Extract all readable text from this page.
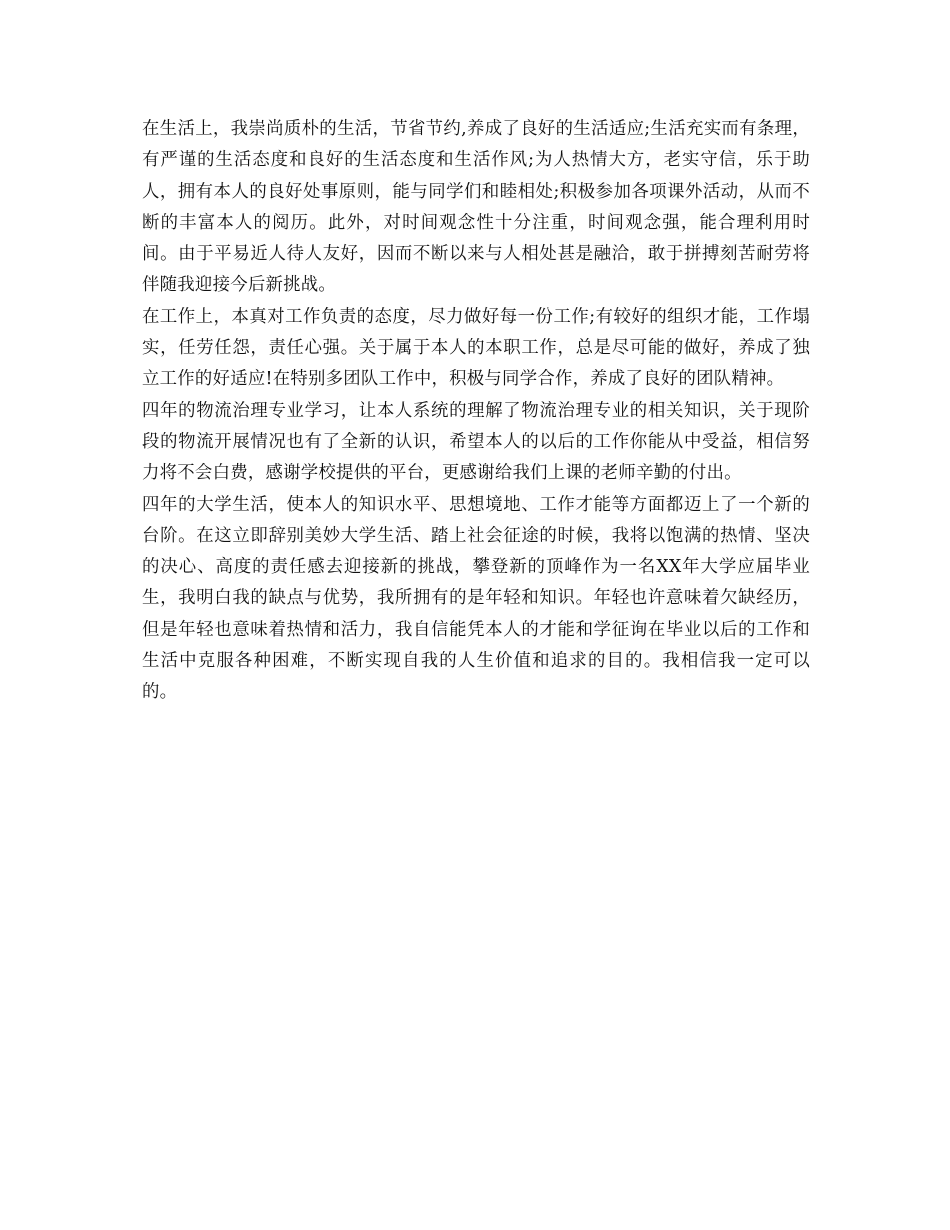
在生活上，我崇尚质朴的生活，节省节约,养成了良好的生活适应;生活充实而有条理，有严谨的生活态度和良好的生活态度和生活作风;为人热情大方，老实守信，乐于助人，拥有本人的良好处事原则，能与同学们和睦相处;积极参加各项课外活动，从而不断的丰富本人的阅历。此外，对时间观念性十分注重，时间观念强，能合理利用时间。由于平易近人待人友好，因而不断以来与人相处甚是融洽，敢于拼搏刻苦耐劳将伴随我迎接今后新挑战。

在工作上，本真对工作负责的态度，尽力做好每一份工作;有较好的组织才能，工作塌实，任劳任怨，责任心强。关于属于本人的本职工作，总是尽可能的做好，养成了独立工作的好适应!在特别多团队工作中，积极与同学合作，养成了良好的团队精神。

四年的物流治理专业学习，让本人系统的理解了物流治理专业的相关知识，关于现阶段的物流开展情况也有了全新的认识，希望本人的以后的工作你能从中受益，相信努力将不会白费，感谢学校提供的平台，更感谢给我们上课的老师辛勤的付出。

四年的大学生活，使本人的知识水平、思想境地、工作才能等方面都迈上了一个新的台阶。在这立即辞别美妙大学生活、踏上社会征途的时候，我将以饱满的热情、坚决的决心、高度的责任感去迎接新的挑战，攀登新的顶峰作为一名XX年大学应届毕业生，我明白我的缺点与优势，我所拥有的是年轻和知识。年轻也许意味着欠缺经历，但是年轻也意味着热情和活力，我自信能凭本人的才能和学征询在毕业以后的工作和生活中克服各种困难，不断实现自我的人生价值和追求的目的。我相信我一定可以的。
